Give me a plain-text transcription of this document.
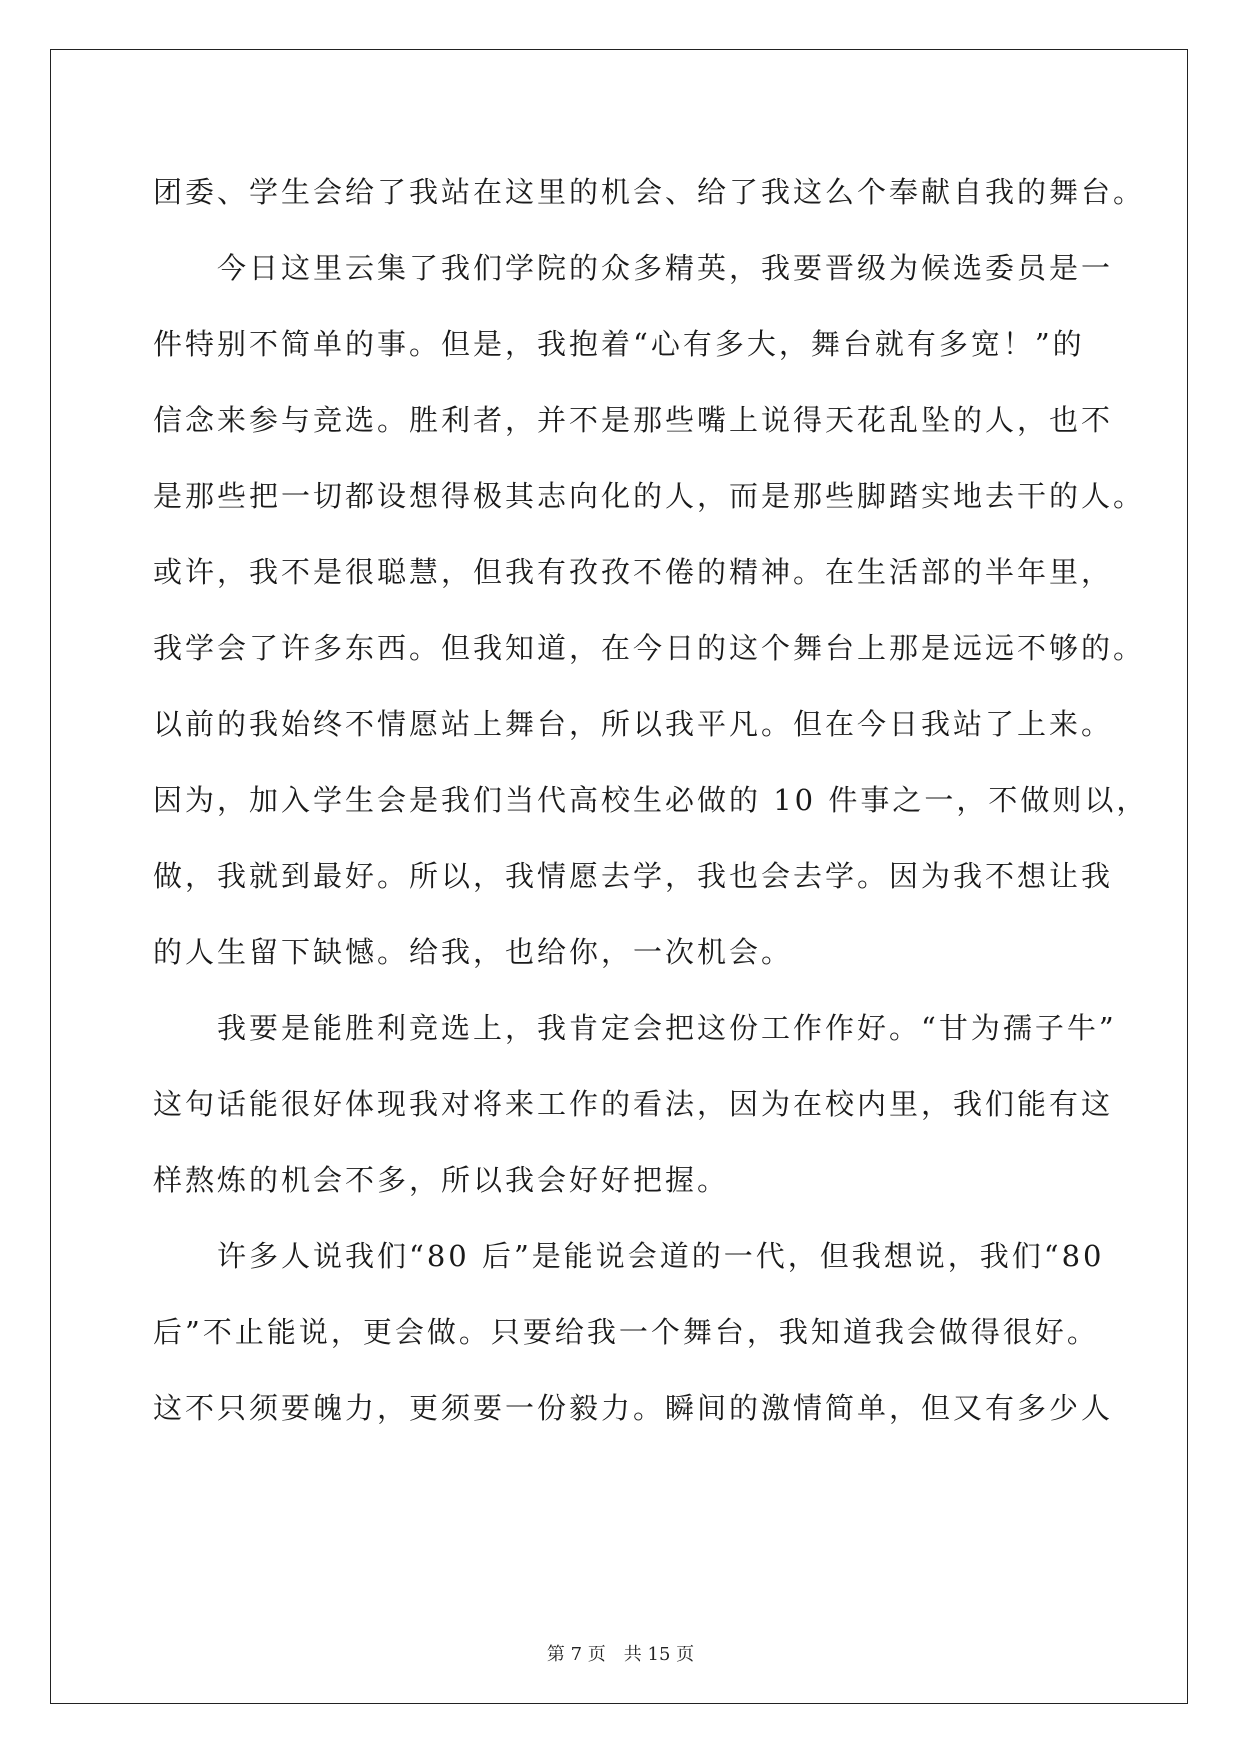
团委、学生会给了我站在这里的机会、给了我这么个奉献自我的舞台。
今日这里云集了我们学院的众多精英，我要晋级为候选委员是一
件特别不简单的事。但是，我抱着“心有多大，舞台就有多宽！”的
信念来参与竞选。胜利者，并不是那些嘴上说得天花乱坠的人，也不
是那些把一切都设想得极其志向化的人，而是那些脚踏实地去干的人。
或许，我不是很聪慧，但我有孜孜不倦的精神。在生活部的半年里，
我学会了许多东西。但我知道，在今日的这个舞台上那是远远不够的。
以前的我始终不情愿站上舞台，所以我平凡。但在今日我站了上来。
因为，加入学生会是我们当代高校生必做的 10 件事之一，不做则以，
做，我就到最好。所以，我情愿去学，我也会去学。因为我不想让我
的人生留下缺憾。给我，也给你，一次机会。
我要是能胜利竞选上，我肯定会把这份工作作好。“甘为孺子牛”
这句话能很好体现我对将来工作的看法，因为在校内里，我们能有这
样熬炼的机会不多，所以我会好好把握。
许多人说我们“80 后”是能说会道的一代，但我想说，我们“80
后”不止能说，更会做。只要给我一个舞台，我知道我会做得很好。
这不只须要魄力，更须要一份毅力。瞬间的激情简单，但又有多少人
第 7 页 共 15 页
